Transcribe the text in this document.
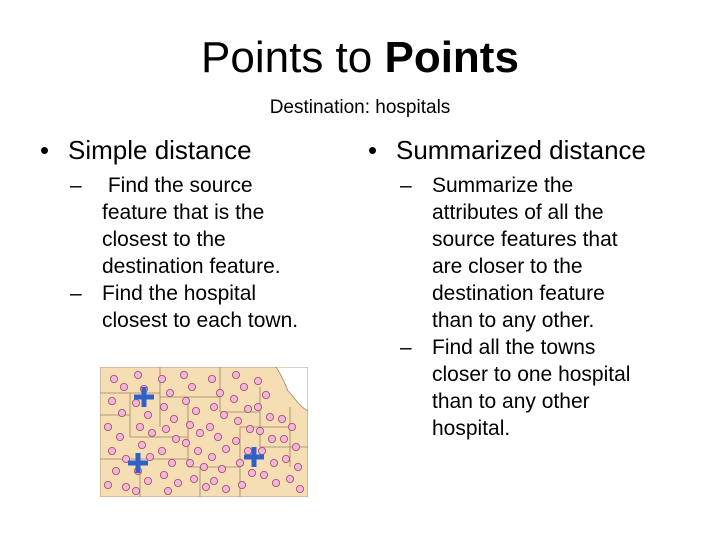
Points to Points
Destination: hospitals
• Simple distance
– Find the source
feature that is the
closest to the
destination feature.
– Find the hospital
closest to each town.
• Summarized distance
– Summarize the
attributes of all the
source features that
are closer to the
destination feature
than to any other.
– Find all the towns
closer to one hospital
than to any other
hospital.
